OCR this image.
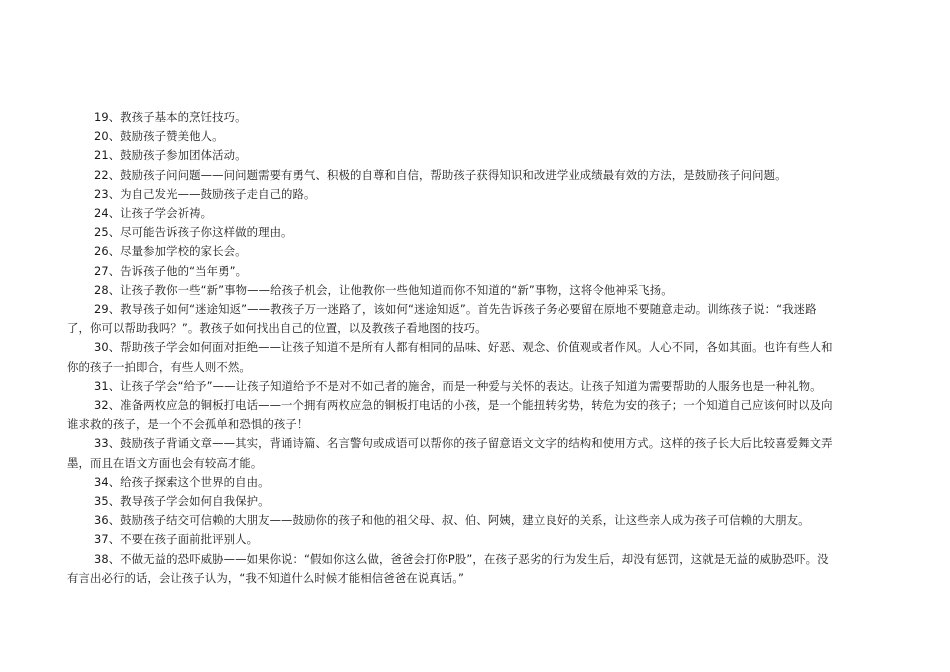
19、教孩子基本的烹饪技巧。

20、鼓励孩子赞美他人。

21、鼓励孩子参加团体活动。

22、鼓励孩子问问题——问问题需要有勇气、积极的自尊和自信，帮助孩子获得知识和改进学业成绩最有效的方法，是鼓励孩子问问题。

23、为自己发光——鼓励孩子走自己的路。

24、让孩子学会祈祷。

25、尽可能告诉孩子你这样做的理由。

26、尽量参加学校的家长会。

27、告诉孩子他的“当年勇”。

28、让孩子教你一些“新”事物——给孩子机会，让他教你一些他知道而你不知道的“新”事物，这将令他神采飞扬。

29、教导孩子如何“迷途知返”——教孩子万一迷路了，该如何“迷途知返”。首先告诉孩子务必要留在原地不要随意走动。训练孩子说：“我迷路了，你可以帮助我吗？”。教孩子如何找出自己的位置，以及教孩子看地图的技巧。

30、帮助孩子学会如何面对拒绝——让孩子知道不是所有人都有相同的品味、好恶、观念、价值观或者作风。人心不同，各如其面。也许有些人和你的孩子一拍即合，有些人则不然。

31、让孩子学会“给予”——让孩子知道给予不是对不如己者的施舍，而是一种爱与关怀的表达。让孩子知道为需要帮助的人服务也是一种礼物。

32、准备两枚应急的铜板打电话——一个拥有两枚应急的铜板打电话的小孩，是一个能扭转劣势，转危为安的孩子；一个知道自己应该何时以及向谁求救的孩子，是一个不会孤单和恐惧的孩子！

33、鼓励孩子背诵文章——其实，背诵诗篇、名言警句或成语可以帮你的孩子留意语文文字的结构和使用方式。这样的孩子长大后比较喜爱舞文弄墨，而且在语文方面也会有较高才能。

34、给孩子探索这个世界的自由。

35、教导孩子学会如何自我保护。

36、鼓励孩子结交可信赖的大朋友——鼓励你的孩子和他的祖父母、叔、伯、阿姨，建立良好的关系，让这些亲人成为孩子可信赖的大朋友。

37、不要在孩子面前批评别人。

38、不做无益的恐吓威胁——如果你说：“假如你这么做，爸爸会打你P股”，在孩子恶劣的行为发生后，却没有惩罚，这就是无益的威胁恐吓。没有言出必行的话，会让孩子认为，“我不知道什么时候才能相信爸爸在说真话。”
